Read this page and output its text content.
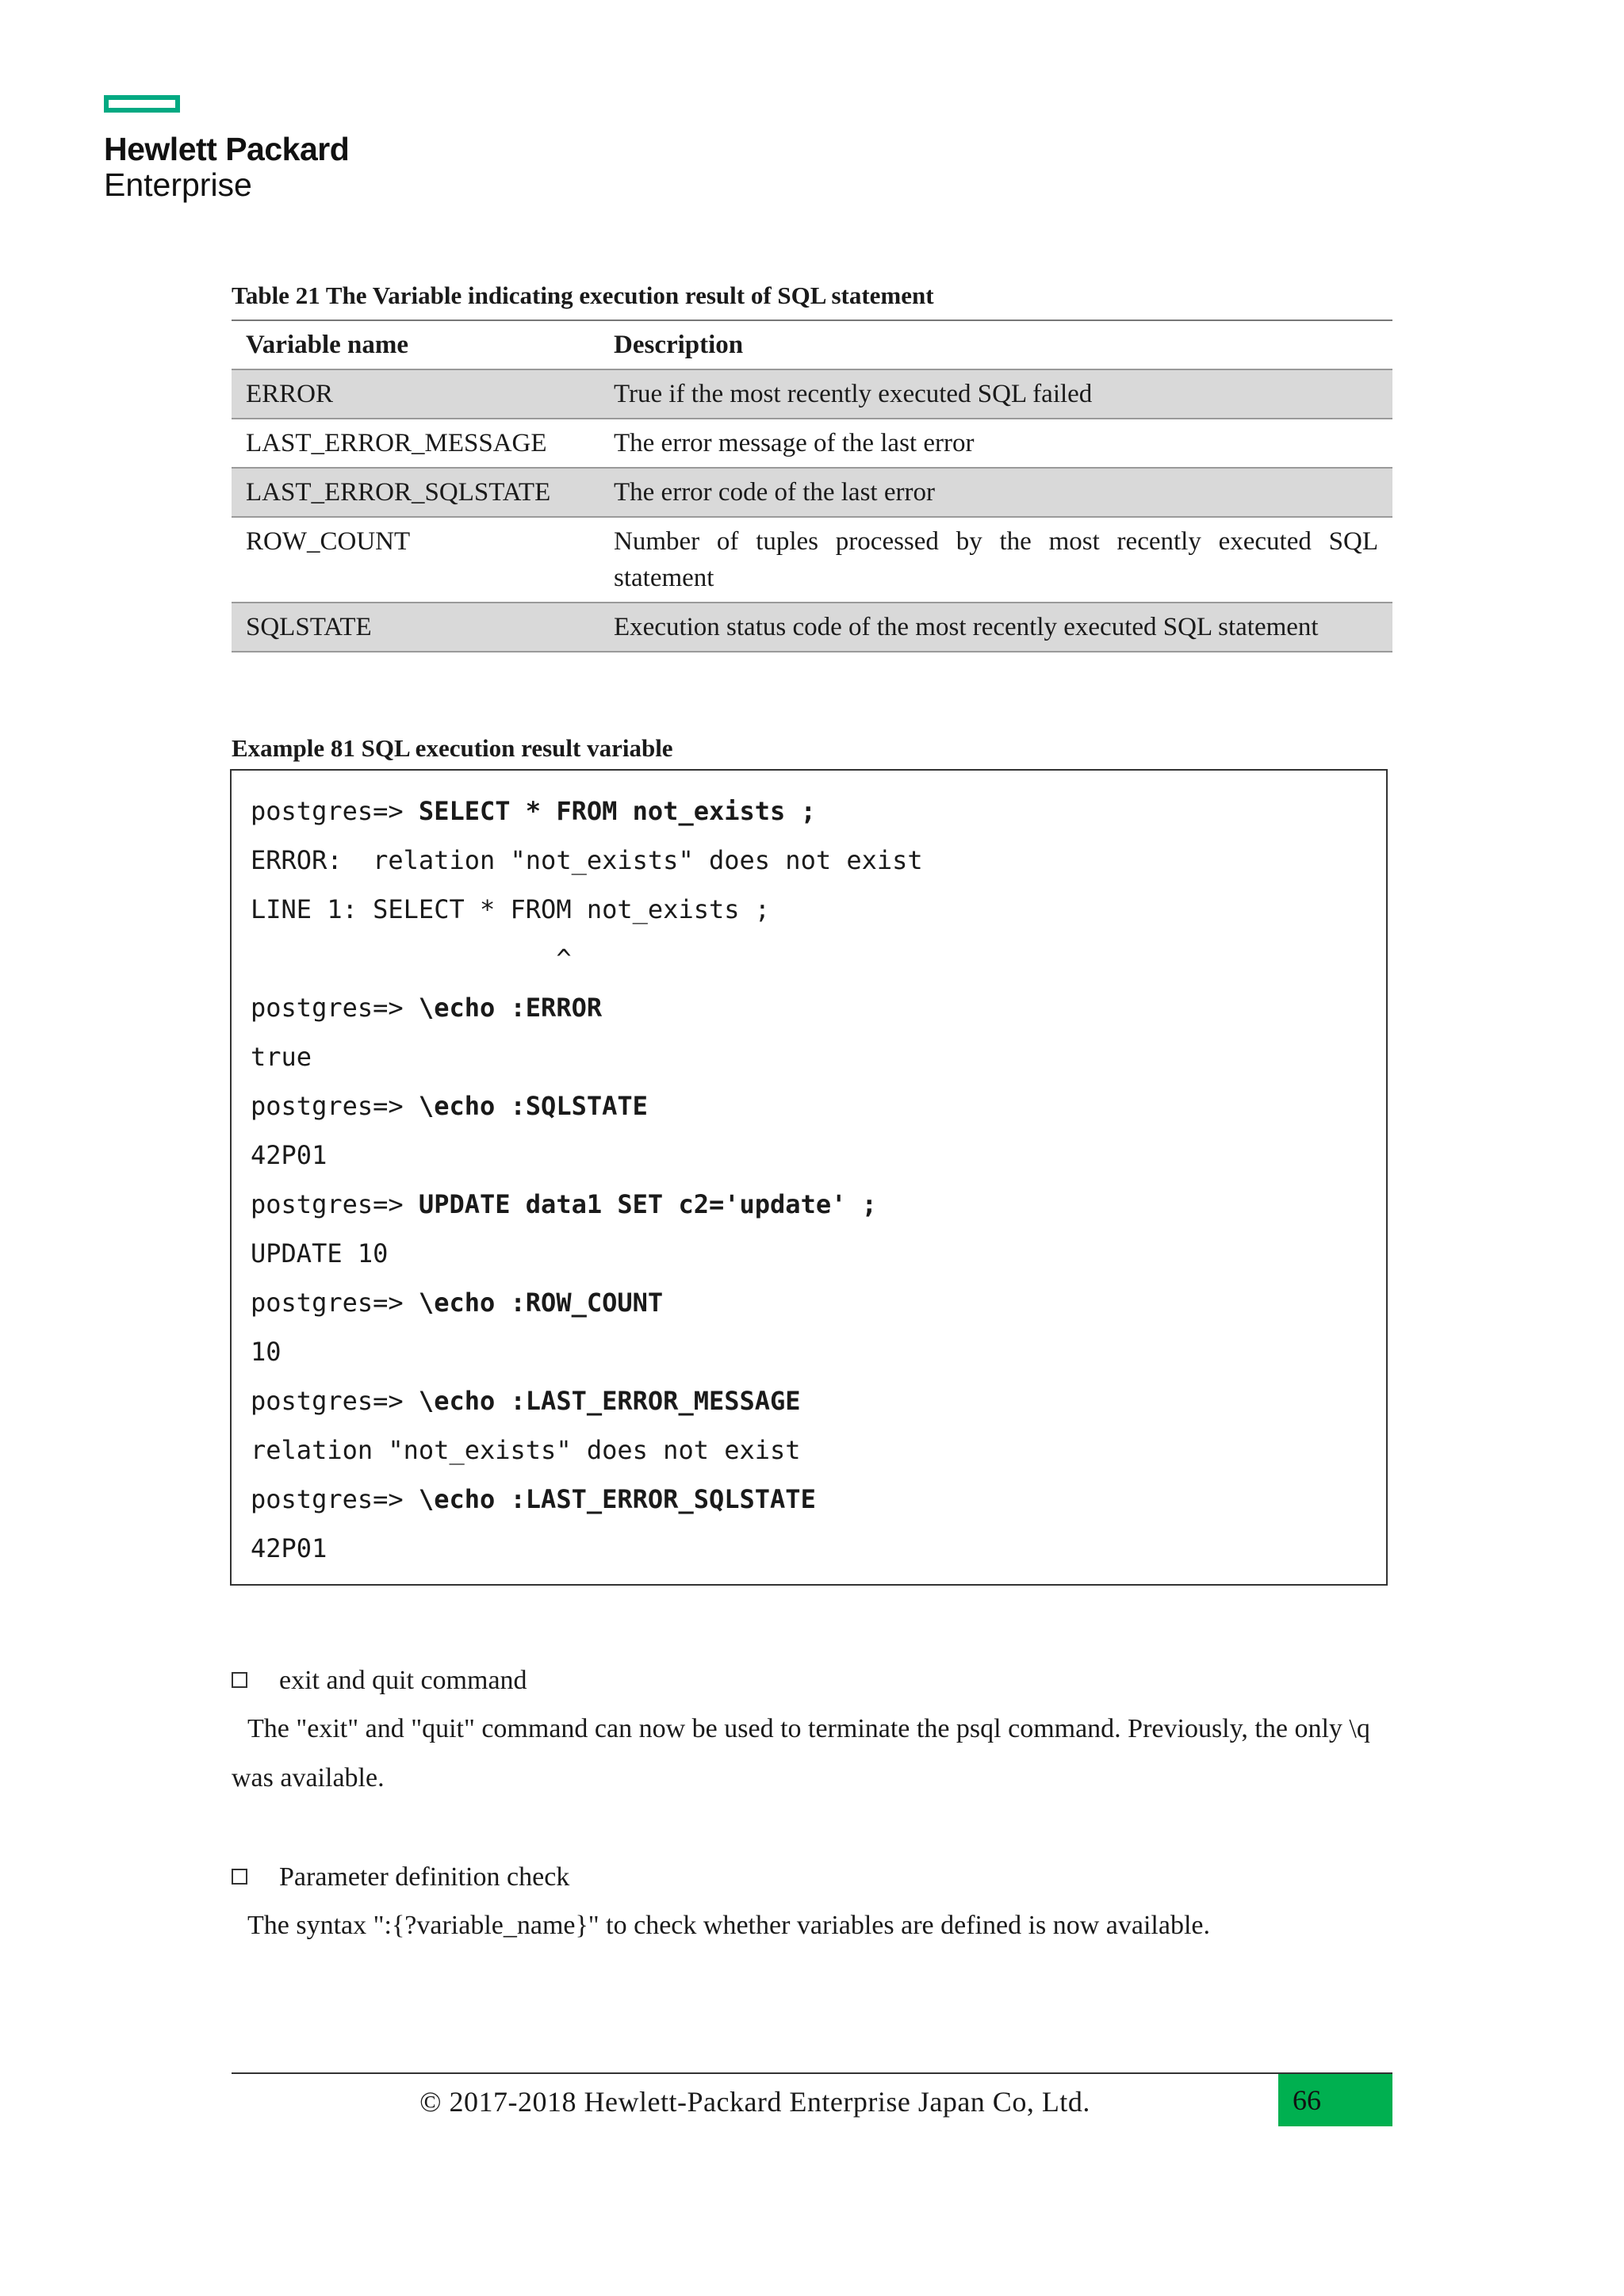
Hewlett Packard
Enterprise
Table 21 The Variable indicating execution result of SQL statement
Variable name	Description
ERROR	True if the most recently executed SQL failed
LAST_ERROR_MESSAGE	The error message of the last error
LAST_ERROR_SQLSTATE	The error code of the last error
ROW_COUNT	Number of tuples processed by the most recently executed SQL statement
SQLSTATE	Execution status code of the most recently executed SQL statement
Example 81 SQL execution result variable
postgres=> SELECT * FROM not_exists ;
ERROR:  relation "not_exists" does not exist
LINE 1: SELECT * FROM not_exists ;
^
postgres=> \echo :ERROR
true
postgres=> \echo :SQLSTATE
42P01
postgres=> UPDATE data1 SET c2='update' ;
UPDATE 10
postgres=> \echo :ROW_COUNT
10
postgres=> \echo :LAST_ERROR_MESSAGE
relation "not_exists" does not exist
postgres=> \echo :LAST_ERROR_SQLSTATE
42P01
exit and quit command
The "exit" and "quit" command can now be used to terminate the psql command. Previously, the only \q was available.
Parameter definition check
The syntax ":{?variable_name}" to check whether variables are defined is now available.
© 2017-2018 Hewlett-Packard Enterprise Japan Co, Ltd.	66
